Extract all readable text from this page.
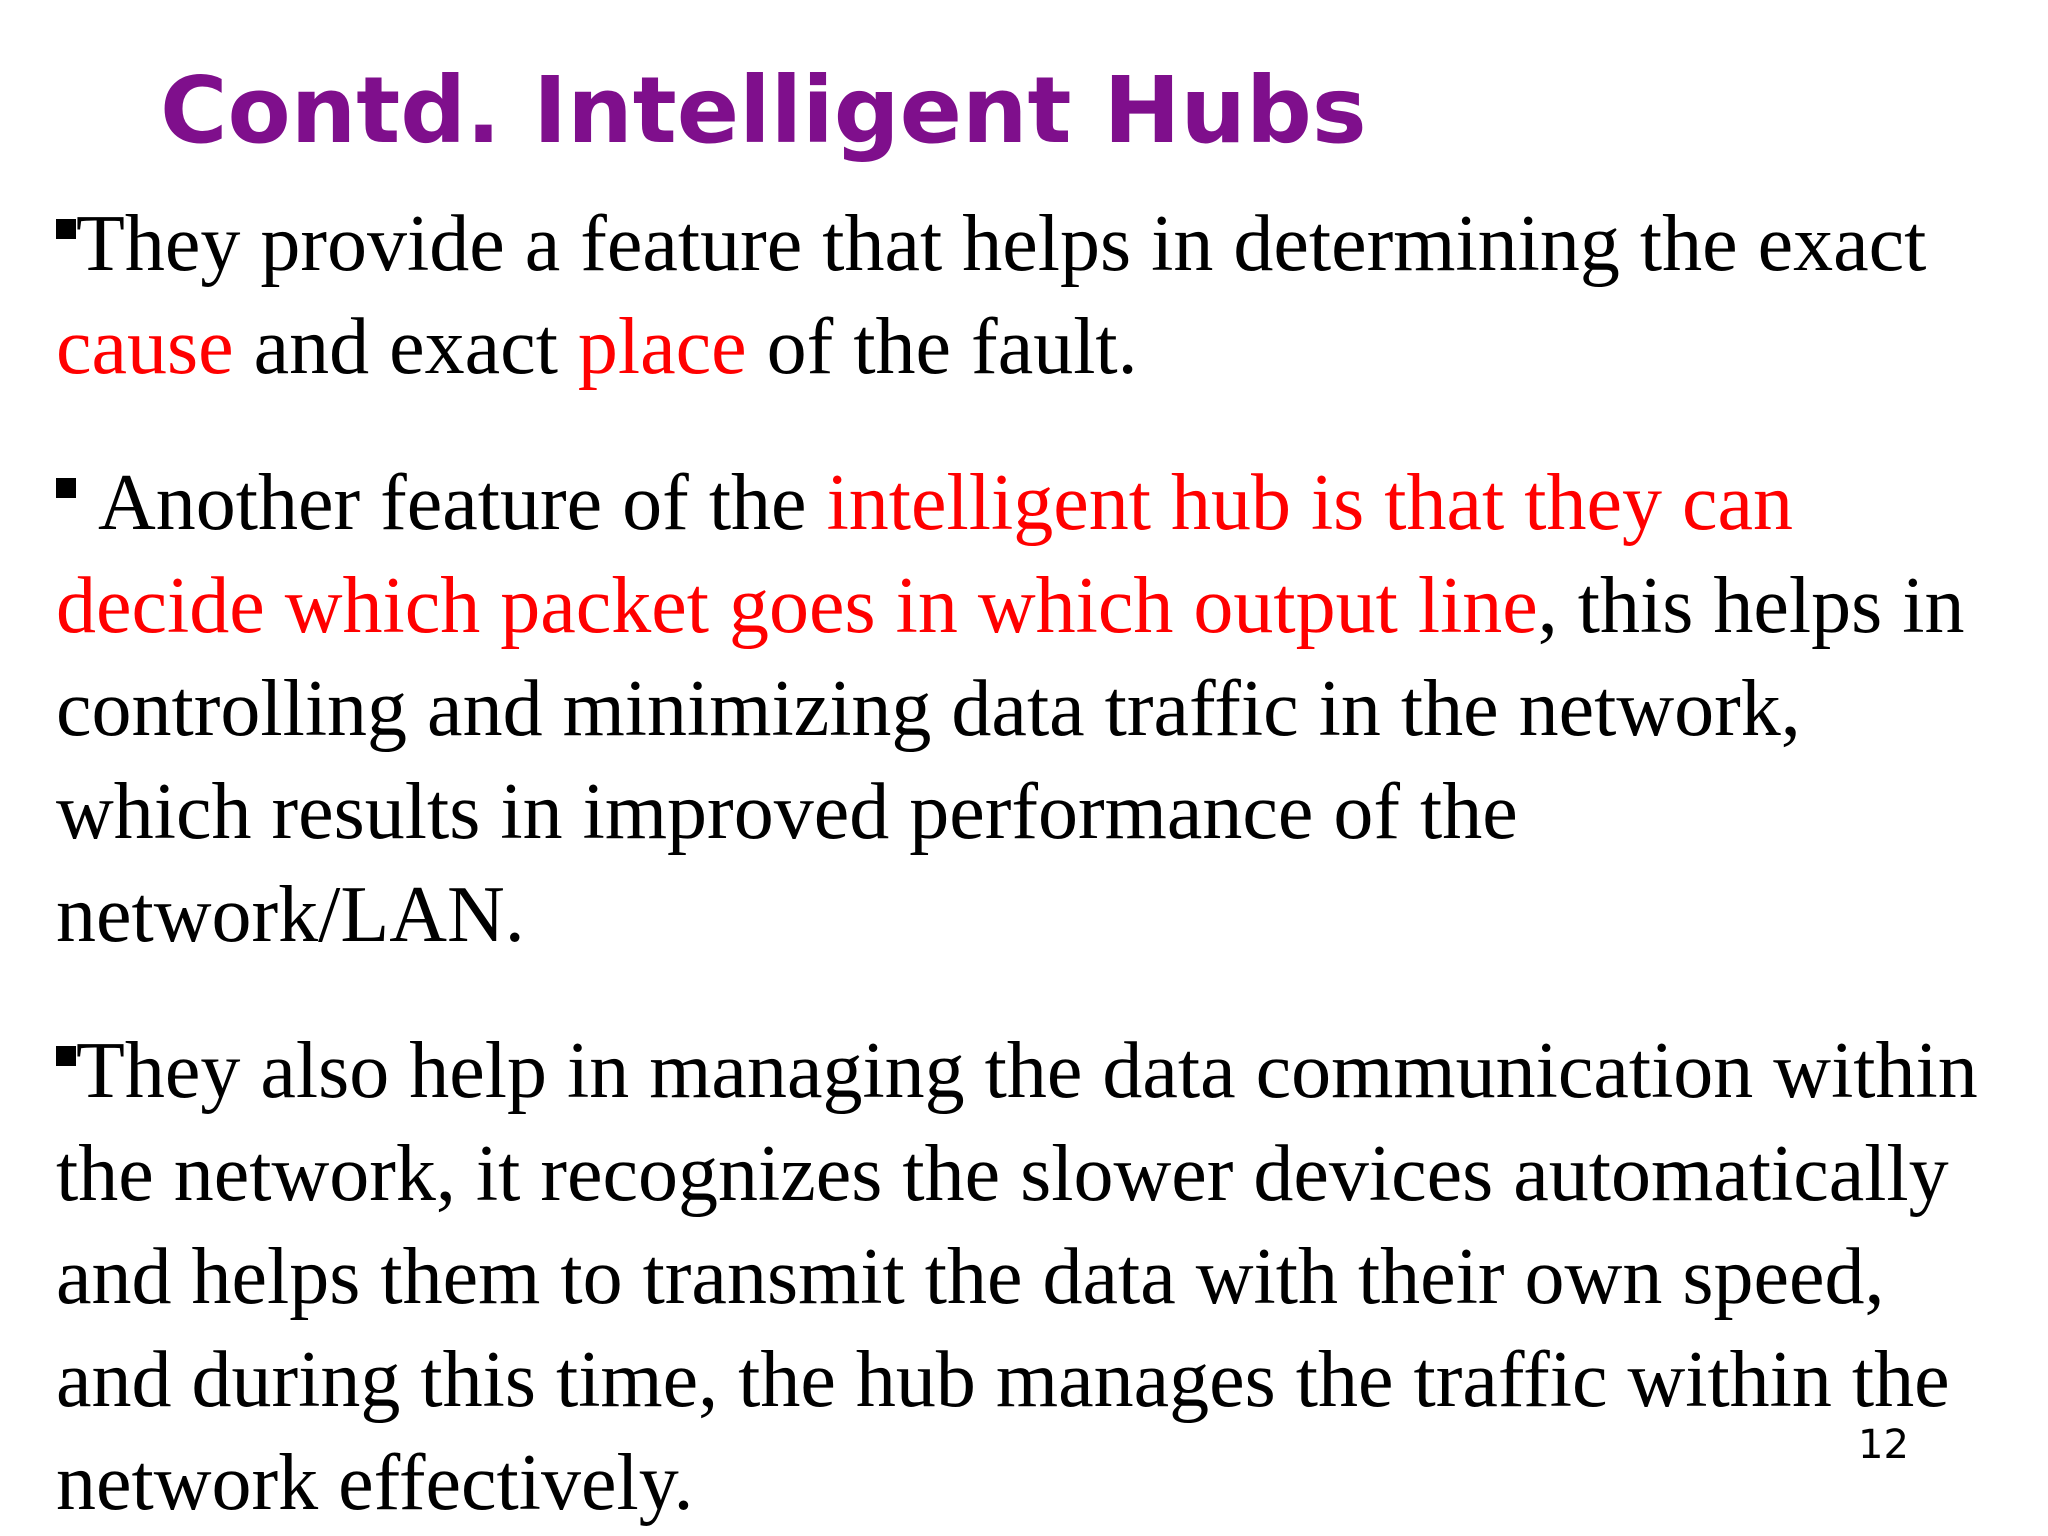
Contd. Intelligent Hubs

They provide a feature that helps in determining the exact cause and exact place of the fault.

Another feature of the intelligent hub is that they can decide which packet goes in which output line, this helps in controlling and minimizing data traffic in the network, which results in improved performance of the network/LAN.

They also help in managing the data communication within the network, it recognizes the slower devices automatically and helps them to transmit the data with their own speed, and during this time, the hub manages the traffic within the network effectively.	12
